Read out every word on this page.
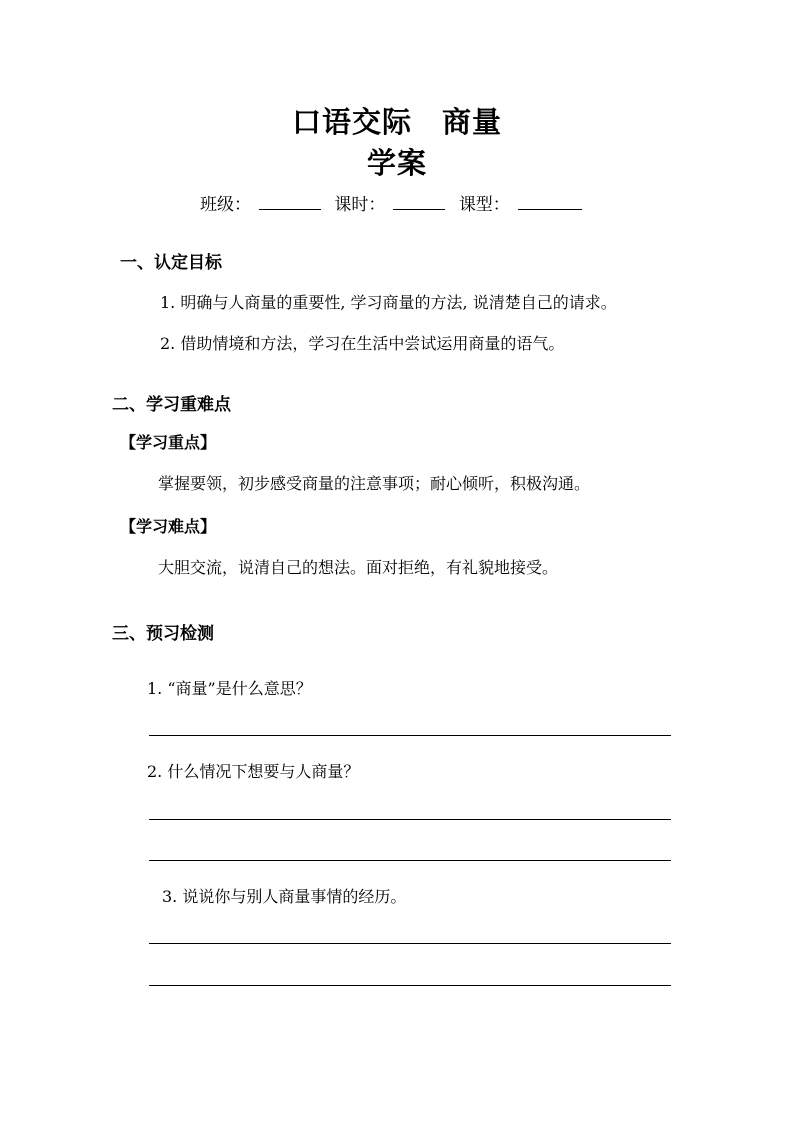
口语交际　商量
学案
班级：	课时：	课型：
一、认定目标
1. 明确与人商量的重要性, 学习商量的方法, 说清楚自己的请求。
2. 借助情境和方法，学习在生活中尝试运用商量的语气。
二、学习重难点
【学习重点】
掌握要领，初步感受商量的注意事项；耐心倾听，积极沟通。
【学习难点】
大胆交流，说清自己的想法。面对拒绝，有礼貌地接受。
三、预习检测
1. “商量”是什么意思？
2. 什么情况下想要与人商量？
3. 说说你与别人商量事情的经历。
